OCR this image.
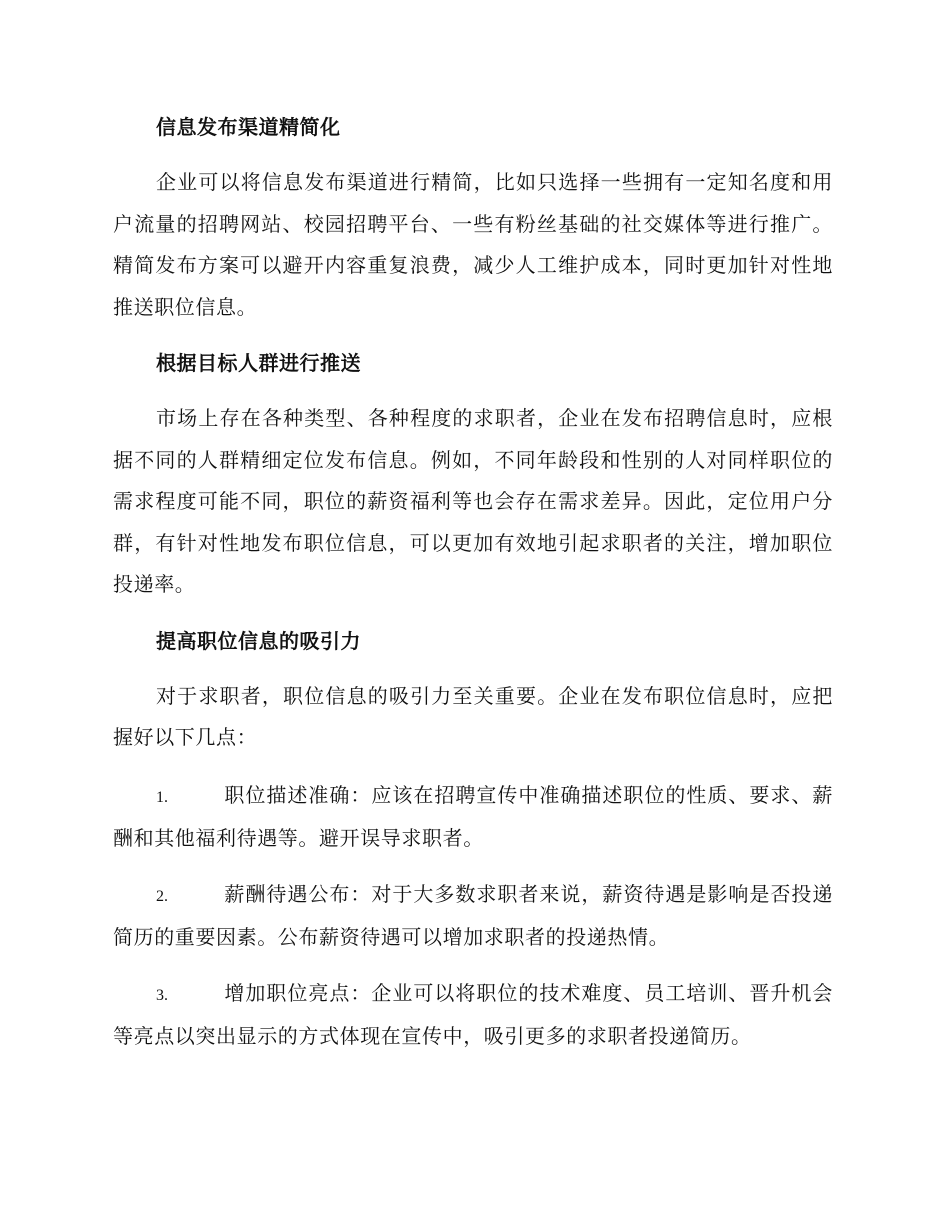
信息发布渠道精简化

企业可以将信息发布渠道进行精简，比如只选择一些拥有一定知名度和用户流量的招聘网站、校园招聘平台、一些有粉丝基础的社交媒体等进行推广。精简发布方案可以避开内容重复浪费，减少人工维护成本，同时更加针对性地推送职位信息。

根据目标人群进行推送

市场上存在各种类型、各种程度的求职者，企业在发布招聘信息时，应根据不同的人群精细定位发布信息。例如，不同年龄段和性别的人对同样职位的需求程度可能不同，职位的薪资福利等也会存在需求差异。因此，定位用户分群，有针对性地发布职位信息，可以更加有效地引起求职者的关注，增加职位投递率。

提高职位信息的吸引力

对于求职者，职位信息的吸引力至关重要。企业在发布职位信息时，应把握好以下几点：

1.	职位描述准确：应该在招聘宣传中准确描述职位的性质、要求、薪酬和其他福利待遇等。避开误导求职者。

2.	薪酬待遇公布：对于大多数求职者来说，薪资待遇是影响是否投递简历的重要因素。公布薪资待遇可以增加求职者的投递热情。

3.	增加职位亮点：企业可以将职位的技术难度、员工培训、晋升机会等亮点以突出显示的方式体现在宣传中，吸引更多的求职者投递简历。
